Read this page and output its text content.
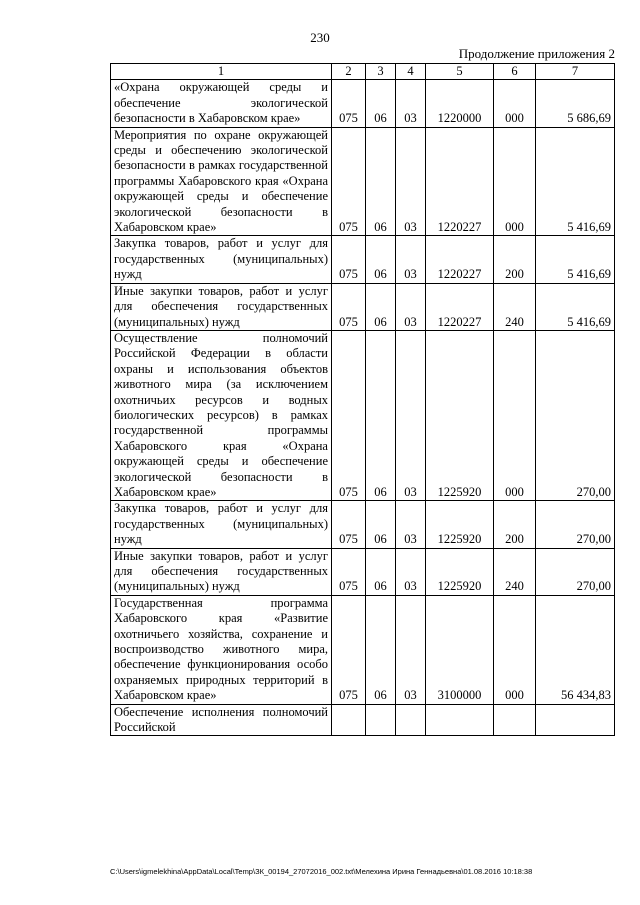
230
Продолжение приложения 2
1	2	3	4	5	6	7
«Охрана окружающей среды и обеспечение экологической безопасности в Хабаровском крае»	075	06	03	1220000	000	5 686,69
Мероприятия по охране окружающей среды и обеспечению экологической безопасности в рамках государственной программы Хабаровского края «Охрана окружающей среды и обеспечение экологической безопасности в Хабаровском крае»	075	06	03	1220227	000	5 416,69
Закупка товаров, работ и услуг для государственных (муниципальных) нужд	075	06	03	1220227	200	5 416,69
Иные закупки товаров, работ и услуг для обеспечения государственных (муниципальных) нужд	075	06	03	1220227	240	5 416,69
Осуществление полномочий Российской Федерации в области охраны и использования объектов животного мира (за исключением охотничьих ресурсов и водных биологических ресурсов) в рамках государственной программы Хабаровского края «Охрана окружающей среды и обеспечение экологической безопасности в Хабаровском крае»	075	06	03	1225920	000	270,00
Закупка товаров, работ и услуг для государственных (муниципальных) нужд	075	06	03	1225920	200	270,00
Иные закупки товаров, работ и услуг для обеспечения государственных (муниципальных) нужд	075	06	03	1225920	240	270,00
Государственная программа Хабаровского края «Развитие охотничьего хозяйства, сохранение и воспроизводство животного мира, обеспечение функционирования особо охраняемых природных территорий в Хабаровском крае»	075	06	03	3100000	000	56 434,83
Обеспечение исполнения полномочий Российской						
C:\Users\igmelekhina\AppData\Local\Temp\ЗК_00194_27072016_002.txt\Мелехина Ирина Геннадьевна\01.08.2016 10:18:38
